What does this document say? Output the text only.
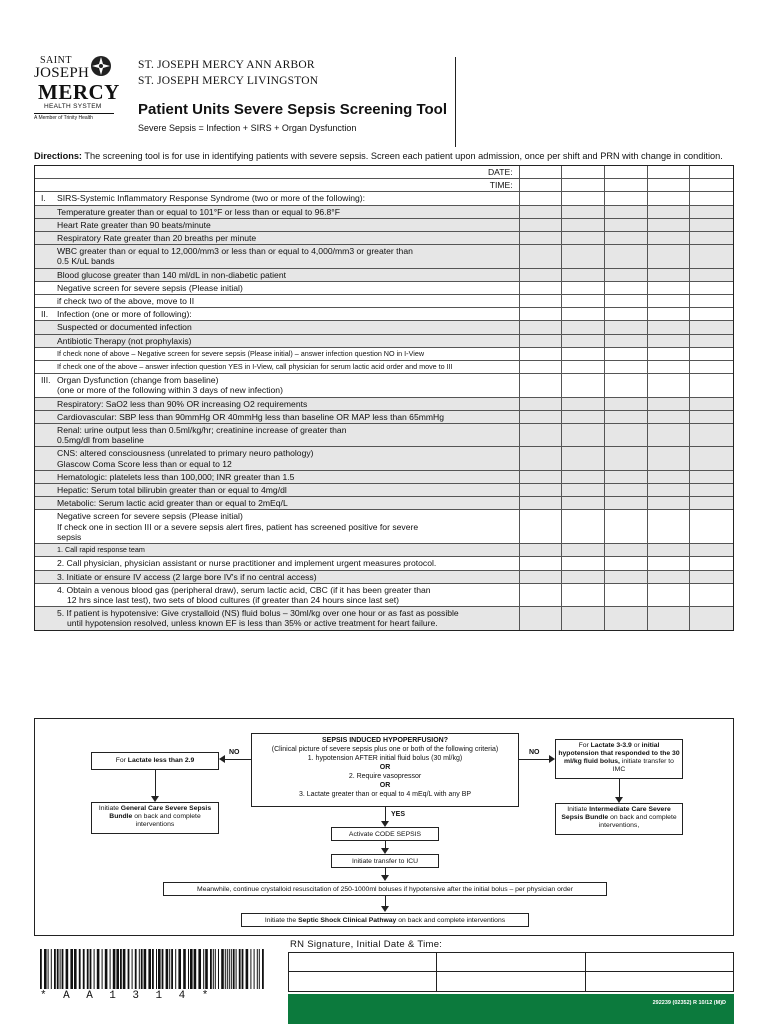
SAINT
JOSEPH
MERCY
HEALTH SYSTEM
A Member of Trinity Health
ST. JOSEPH MERCY ANN ARBOR
ST. JOSEPH MERCY LIVINGSTON
Patient Units Severe Sepsis Screening Tool
Severe Sepsis = Infection + SIRS + Organ Dysfunction
Directions: The screening tool is for use in identifying patients with severe sepsis. Screen each patient upon admission, once per shift and PRN with change in condition.
DATE:
TIME:
I. SIRS-Systemic Inflammatory Response Syndrome (two or more of the following):
Temperature greater than or equal to 101°F or less than or equal to 96.8°F
Heart Rate greater than 90 beats/minute
Respiratory Rate greater than 20 breaths per minute
WBC greater than or equal to 12,000/mm3 or less than or equal to 4,000/mm3 or greater than
0.5 K/uL bands
Blood glucose greater than 140 ml/dL in non-diabetic patient
Negative screen for severe sepsis (Please initial)
if check two of the above, move to II
II. Infection (one or more of following):
Suspected or documented infection
Antibiotic Therapy (not prophylaxis)
If check none of above – Negative screen for severe sepsis (Please initial) – answer infection question NO in I-View
If check one of the above – answer infection question YES in I-View, call physician for serum lactic acid order and move to III
III. Organ Dysfunction (change from baseline)
(one or more of the following within 3 days of new infection)
Respiratory: SaO2 less than 90% OR increasing O2 requirements
Cardiovascular: SBP less than 90mmHg OR 40mmHg less than baseline OR MAP less than 65mmHg
Renal: urine output less than 0.5ml/kg/hr; creatinine increase of greater than
0.5mg/dl from baseline
CNS: altered consciousness (unrelated to primary neuro pathology)
Glascow Coma Score less than or equal to 12
Hematologic: platelets less than 100,000; INR greater than 1.5
Hepatic: Serum total bilirubin greater than or equal to 4mg/dl
Metabolic: Serum lactic acid greater than or equal to 2mEq/L
Negative screen for severe sepsis (Please initial)
If check one in section III or a severe sepsis alert fires, patient has screened positive for severe
sepsis
1. Call rapid response team
2. Call physician, physician assistant or nurse practitioner and implement urgent measures protocol.
3. Initiate or ensure IV access (2 large bore IV's if no central access)
4. Obtain a venous blood gas (peripheral draw), serum lactic acid, CBC (if it has been greater than
12 hrs since last test), two sets of blood cultures (if greater than 24 hours since last set)
5. If patient is hypotensive: Give crystalloid (NS) fluid bolus – 30ml/kg over one hour or as fast as possible
until hypotension resolved, unless known EF is less than 35% or active treatment for heart failure.
SEPSIS INDUCED HYPOPERFUSION?
(Clinical picture of severe sepsis plus one or both of the following criteria)
1. hypotension AFTER initial fluid bolus (30 ml/kg)
OR
2. Require vasopressor
OR
3. Lactate greater than or equal to 4 mEq/L with any BP
NO
For Lactate less than 2.9
Initiate General Care Severe Sepsis Bundle on back and complete interventions
NO
For Lactate 3-3.9 or initial hypotension that responded to the 30 ml/kg fluid bolus, initiate transfer to IMC
Initiate Intermediate Care Severe Sepsis Bundle on back and complete interventions,
YES
Activate CODE SEPSIS
Initiate transfer to ICU
Meanwhile, continue crystalloid resuscitation of 250-1000ml boluses if hypotensive after the initial bolus – per physician order
Initiate the Septic Shock Clinical Pathway on back and complete interventions
*AA1314*
RN Signature, Initial Date & Time:
292239 (02352) R 10/12 (M)D
